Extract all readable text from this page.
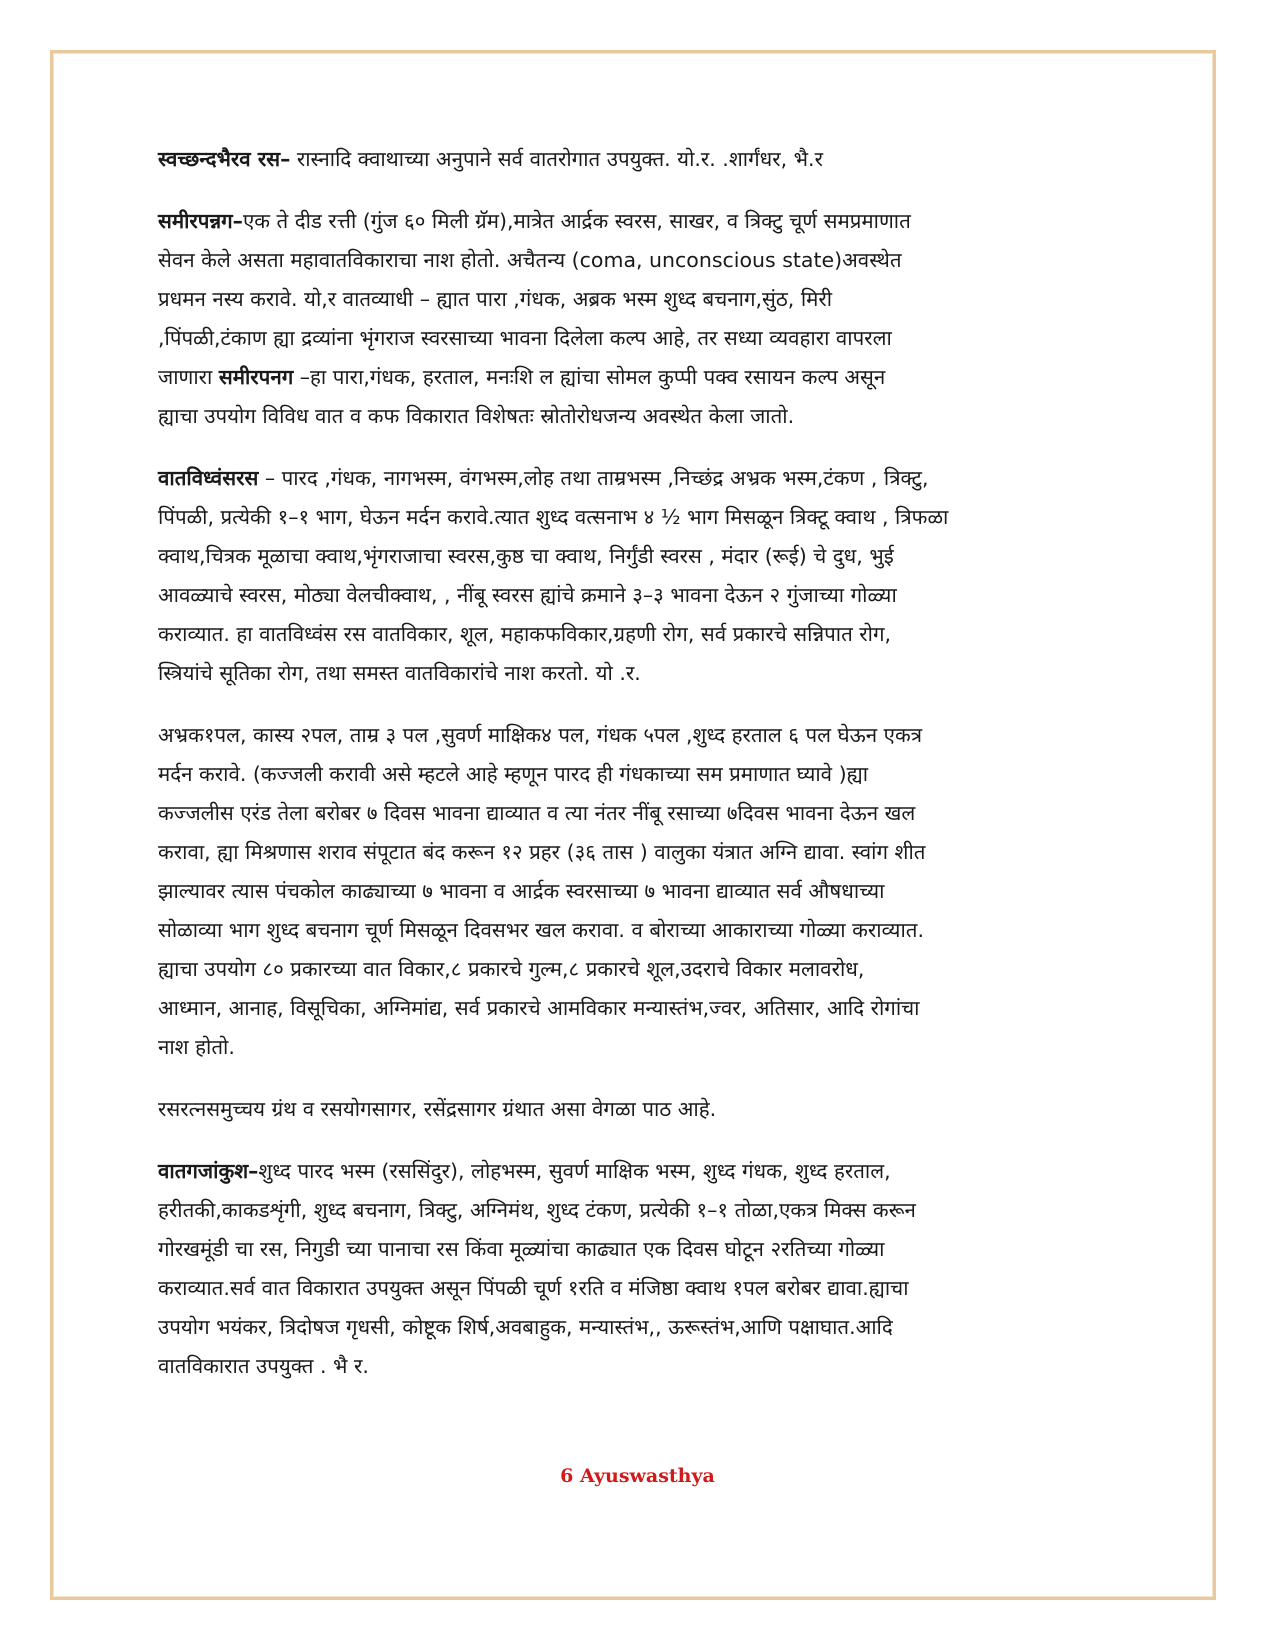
स्वच्छन्दभैरव रस– रास्नादि क्वाथाच्या अनुपाने सर्व वातरोगात उपयुक्त. यो.र. .शार्गंधर, भै.र
समीरपन्नग–एक ते दीड रत्ती (गुंज ६० मिली ग्रॅम),मात्रेत आर्द्रक स्वरस, साखर, व त्रिक्टु चूर्ण समप्रमाणात
सेवन केले असता महावातविकाराचा नाश होतो. अचैतन्य (coma, unconscious state)अवस्थेत
प्रधमन नस्य करावे. यो,र वातव्याधी – ह्यात पारा ,गंधक, अब्रक भस्म शुध्द बचनाग,सुंठ, मिरी
,पिंपळी,टंकाण ह्या द्रव्यांना भृंगराज स्वरसाच्या भावना दिलेला कल्प आहे, तर सध्या व्यवहारा वापरला
जाणारा समीरपनग –हा पारा,गंधक, हरताल, मनःशि ल ह्यांचा सोमल कुप्पी पक्व रसायन कल्प असून
ह्याचा उपयोग विविध वात व कफ विकारात विशेषतः स्रोतोरोधजन्य अवस्थेत केला जातो.
वातविध्वंसरस – पारद ,गंधक, नागभस्म, वंगभस्म,लोह तथा ताम्रभस्म ,निच्छंद्र अभ्रक भस्म,टंकण , त्रिक्टु,
पिंपळी, प्रत्येकी १–१ भाग, घेऊन मर्दन करावे.त्यात शुध्द वत्सनाभ ४ ½ भाग मिसळून त्रिक्टू क्वाथ , त्रिफळा
क्वाथ,चित्रक मूळाचा क्वाथ,भृंगराजाचा स्वरस,कुष्ठ चा क्वाथ, निर्गुंडी स्वरस , मंदार (रूई) चे दुध, भुई
आवळ्याचे स्वरस, मोठ्या वेलचीक्वाथ, , नींबू स्वरस ह्यांचे क्रमाने ३–३ भावना देऊन २ गुंजाच्या गोळ्या
कराव्यात. हा वातविध्वंस रस वातविकार, शूल, महाकफविकार,ग्रहणी रोग, सर्व प्रकारचे सन्निपात रोग,
स्त्रियांचे सूतिका रोग, तथा समस्त वातविकारांचे नाश करतो. यो .र.
अभ्रक१पल, कास्य २पल, ताम्र ३ पल ,सुवर्ण माक्षिक४ पल, गंधक ५पल ,शुध्द हरताल ६ पल घेऊन एकत्र
मर्दन करावे. (कज्जली करावी असे म्हटले आहे म्हणून पारद ही गंधकाच्या सम प्रमाणात घ्यावे )ह्या
कज्जलीस एरंड तेला बरोबर ७ दिवस भावना द्याव्यात व त्या नंतर नींबू रसाच्या ७दिवस भावना देऊन खल
करावा, ह्या मिश्रणास शराव संपूटात बंद करून १२ प्रहर (३६ तास ) वालुका यंत्रात अग्नि द्यावा. स्वांग शीत
झाल्यावर त्यास पंचकोल काढ्याच्या ७ भावना व आर्द्रक स्वरसाच्या ७ भावना द्याव्यात सर्व औषधाच्या
सोळाव्या भाग शुध्द बचनाग चूर्ण मिसळून दिवसभर खल करावा. व बोराच्या आकाराच्या गोळ्या कराव्यात.
ह्याचा उपयोग ८० प्रकारच्या वात विकार,८ प्रकारचे गुल्म,८ प्रकारचे शूल,उदराचे विकार मलावरोध,
आध्मान, आनाह, विसूचिका, अग्निमांद्य, सर्व प्रकारचे आमविकार मन्यास्तंभ,ज्वर, अतिसार, आदि रोगांचा
नाश होतो.
रसरत्नसमुच्चय ग्रंथ व रसयोगसागर, रसेंद्रसागर ग्रंथात असा वेगळा पाठ आहे.
वातगजांकुश–शुध्द पारद भस्म (रससिंदुर), लोहभस्म, सुवर्ण माक्षिक भस्म, शुध्द गंधक, शुध्द हरताल,
हरीतकी,काकडशृंगी, शुध्द बचनाग, त्रिक्टु, अग्निमंथ, शुध्द टंकण, प्रत्येकी १–१ तोळा,एकत्र मिक्स करून
गोरखमूंडी चा रस, निगुडी च्या पानाचा रस किंवा मूळ्यांचा काढ्यात एक दिवस घोटून २रतिच्या गोळ्या
कराव्यात.सर्व वात विकारात उपयुक्त असून पिंपळी चूर्ण १रति व मंजिष्ठा क्वाथ १पल बरोबर द्यावा.ह्याचा
उपयोग भयंकर, त्रिदोषज गृधसी, कोष्टूक शिर्ष,अवबाहुक, मन्यास्तंभ,, ऊरूस्तंभ,आणि पक्षाघात.आदि
वातविकारात उपयुक्त . भै र.
6 Ayuswasthya
